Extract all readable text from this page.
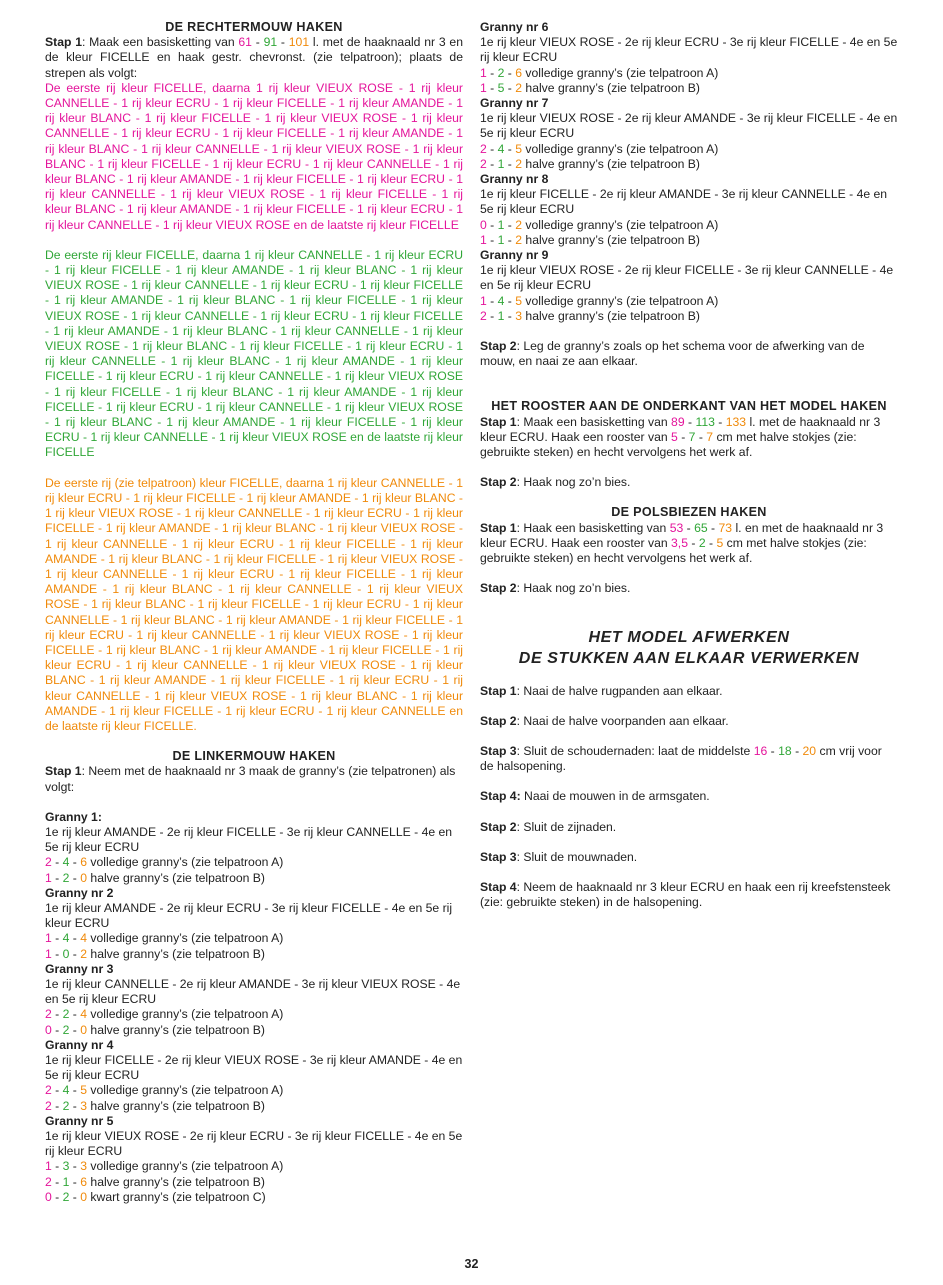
DE RECHTERMOUW HAKEN

Stap 1: Maak een basisketting van 61 - 91 - 101 l. met de haaknaald nr 3 en de kleur FICELLE en haak gestr. chevronst. (zie telpatroon); plaats de strepen als volgt:

De eerste rij kleur FICELLE, daarna 1 rij kleur VIEUX ROSE - 1 rij kleur CANNELLE - 1 rij kleur ECRU - 1 rij kleur FICELLE - 1 rij kleur AMANDE - 1 rij kleur BLANC - 1 rij kleur FICELLE - 1 rij kleur VIEUX ROSE - 1 rij kleur CANNELLE - 1 rij kleur ECRU - 1 rij kleur FICELLE - 1 rij kleur AMANDE - 1 rij kleur BLANC - 1 rij kleur CANNELLE - 1 rij kleur VIEUX ROSE - 1 rij kleur BLANC - 1 rij kleur FICELLE - 1 rij kleur ECRU - 1 rij kleur CANNELLE - 1 rij kleur BLANC - 1 rij kleur AMANDE - 1 rij kleur FICELLE - 1 rij kleur ECRU - 1 rij kleur CANNELLE - 1 rij kleur VIEUX ROSE - 1 rij kleur FICELLE - 1 rij kleur BLANC - 1 rij kleur AMANDE - 1 rij kleur FICELLE - 1 rij kleur ECRU - 1 rij kleur CANNELLE - 1 rij kleur VIEUX ROSE en de laatste rij kleur FICELLE

De eerste rij kleur FICELLE, daarna 1 rij kleur CANNELLE - 1 rij kleur ECRU - 1 rij kleur FICELLE - 1 rij kleur AMANDE - 1 rij kleur BLANC - 1 rij kleur VIEUX ROSE - 1 rij kleur CANNELLE - 1 rij kleur ECRU - 1 rij kleur FICELLE - 1 rij kleur AMANDE - 1 rij kleur BLANC - 1 rij kleur FICELLE - 1 rij kleur VIEUX ROSE - 1 rij kleur CANNELLE - 1 rij kleur ECRU - 1 rij kleur FICELLE - 1 rij kleur AMANDE - 1 rij kleur BLANC - 1 rij kleur CANNELLE - 1 rij kleur VIEUX ROSE - 1 rij kleur BLANC - 1 rij kleur FICELLE - 1 rij kleur ECRU - 1 rij kleur CANNELLE - 1 rij kleur BLANC - 1 rij kleur AMANDE - 1 rij kleur FICELLE - 1 rij kleur ECRU - 1 rij kleur CANNELLE - 1 rij kleur VIEUX ROSE - 1 rij kleur FICELLE - 1 rij kleur BLANC - 1 rij kleur AMANDE - 1 rij kleur FICELLE - 1 rij kleur ECRU - 1 rij kleur CANNELLE - 1 rij kleur VIEUX ROSE - 1 rij kleur BLANC - 1 rij kleur AMANDE - 1 rij kleur FICELLE - 1 rij kleur ECRU - 1 rij kleur CANNELLE - 1 rij kleur VIEUX ROSE en de laatste rij kleur FICELLE

De eerste rij (zie telpatroon) kleur FICELLE, daarna 1 rij kleur CANNELLE - 1 rij kleur ECRU - 1 rij kleur FICELLE - 1 rij kleur AMANDE - 1 rij kleur BLANC - 1 rij kleur VIEUX ROSE - 1 rij kleur CANNELLE - 1 rij kleur ECRU - 1 rij kleur FICELLE - 1 rij kleur AMANDE - 1 rij kleur BLANC - 1 rij kleur VIEUX ROSE - 1 rij kleur CANNELLE - 1 rij kleur ECRU - 1 rij kleur FICELLE - 1 rij kleur AMANDE - 1 rij kleur BLANC - 1 rij kleur FICELLE - 1 rij kleur VIEUX ROSE - 1 rij kleur CANNELLE - 1 rij kleur ECRU - 1 rij kleur FICELLE - 1 rij kleur AMANDE - 1 rij kleur BLANC - 1 rij kleur CANNELLE - 1 rij kleur VIEUX ROSE - 1 rij kleur BLANC - 1 rij kleur FICELLE - 1 rij kleur ECRU - 1 rij kleur CANNELLE - 1 rij kleur BLANC - 1 rij kleur AMANDE - 1 rij kleur FICELLE - 1 rij kleur ECRU - 1 rij kleur CANNELLE - 1 rij kleur VIEUX ROSE - 1 rij kleur FICELLE - 1 rij kleur BLANC - 1 rij kleur AMANDE - 1 rij kleur FICELLE - 1 rij kleur ECRU - 1 rij kleur CANNELLE - 1 rij kleur VIEUX ROSE - 1 rij kleur BLANC - 1 rij kleur AMANDE - 1 rij kleur FICELLE - 1 rij kleur ECRU - 1 rij kleur CANNELLE - 1 rij kleur VIEUX ROSE - 1 rij kleur BLANC - 1 rij kleur AMANDE - 1 rij kleur FICELLE - 1 rij kleur ECRU - 1 rij kleur CANNELLE en de laatste rij kleur FICELLE.

DE LINKERMOUW HAKEN

Stap 1: Neem met de haaknaald nr 3 maak de granny’s (zie telpatronen) als volgt:

Granny 1:

1e rij kleur AMANDE - 2e rij kleur FICELLE - 3e rij kleur CANNELLE - 4e en 5e rij kleur ECRU

2 - 4 - 6 volledige granny’s (zie telpatroon A)

1 - 2 - 0 halve granny’s (zie telpatroon B)

Granny nr 2

1e rij kleur AMANDE - 2e rij kleur ECRU - 3e rij kleur FICELLE - 4e en 5e rij kleur ECRU

1 - 4 - 4 volledige granny’s (zie telpatroon A)

1 - 0 - 2 halve granny’s (zie telpatroon B)

Granny nr 3

1e rij kleur CANNELLE - 2e rij kleur AMANDE - 3e rij kleur VIEUX ROSE - 4e en 5e rij kleur ECRU

2 - 2 - 4 volledige granny’s (zie telpatroon A)

0 - 2 - 0 halve granny’s (zie telpatroon B)

Granny nr 4

1e rij kleur FICELLE - 2e rij kleur VIEUX ROSE - 3e rij kleur AMANDE - 4e en 5e rij kleur ECRU

2 - 4 - 5 volledige granny’s (zie telpatroon A)

2 - 2 - 3 halve granny’s (zie telpatroon B)

Granny nr 5

1e rij kleur VIEUX ROSE - 2e rij kleur ECRU - 3e rij kleur FICELLE - 4e en 5e rij kleur ECRU

1 - 3 - 3 volledige granny’s (zie telpatroon A)

2 - 1 - 6 halve granny’s (zie telpatroon B)

0 - 2 - 0 kwart granny’s (zie telpatroon C)

Granny nr 6

1e rij kleur VIEUX ROSE - 2e rij kleur ECRU - 3e rij kleur FICELLE - 4e en 5e rij kleur ECRU

1 - 2 - 6 volledige granny’s (zie telpatroon A)

1 - 5 - 2 halve granny’s (zie telpatroon B)

Granny nr 7

1e rij kleur VIEUX ROSE - 2e rij kleur AMANDE - 3e rij kleur FICELLE - 4e en 5e rij kleur ECRU

2 - 4 - 5 volledige granny’s (zie telpatroon A)

2 - 1 - 2 halve granny’s (zie telpatroon B)

Granny nr 8

1e rij kleur FICELLE - 2e rij kleur AMANDE - 3e rij kleur CANNELLE - 4e en 5e rij kleur ECRU

0 - 1 - 2 volledige granny’s (zie telpatroon A)

1 - 1 - 2 halve granny’s (zie telpatroon B)

Granny nr 9

1e rij kleur VIEUX ROSE - 2e rij kleur FICELLE - 3e rij kleur CANNELLE - 4e en 5e rij kleur ECRU

1 - 4 - 5 volledige granny’s (zie telpatroon A)

2 - 1 - 3 halve granny’s (zie telpatroon B)

Stap 2: Leg de granny’s zoals op het schema voor de afwerking van de mouw, en naai ze aan elkaar.

HET ROOSTER AAN DE ONDERKANT VAN HET MODEL HAKEN

Stap 1: Maak een basisketting van 89 - 113 - 133 l. met de haaknaald nr 3 kleur ECRU. Haak een rooster van 5 - 7 - 7 cm met halve stokjes (zie: gebruikte steken) en hecht vervolgens het werk af.

Stap 2: Haak nog zo’n bies.

DE POLSBIEZEN HAKEN

Stap 1: Haak een basisketting van 53 - 65 - 73 l. en met de haaknaald nr 3 kleur ECRU. Haak een rooster van 3,5 - 2 - 5 cm met halve stokjes (zie: gebruikte steken) en hecht vervolgens het werk af.

Stap 2: Haak nog zo’n bies.

HET MODEL AFWERKEN
DE STUKKEN AAN ELKAAR VERWERKEN

Stap 1: Naai de halve rugpanden aan elkaar.

Stap 2: Naai de halve voorpanden aan elkaar.

Stap 3: Sluit de schoudernaden: laat de middelste 16 - 18 - 20 cm vrij voor de halsopening.

Stap 4: Naai de mouwen in de armsgaten.

Stap 2: Sluit de zijnaden.

Stap 3: Sluit de mouwnaden.

Stap 4: Neem de haaknaald nr 3 kleur ECRU en haak een rij kreefstensteek (zie: gebruikte steken) in de halsopening.

32
